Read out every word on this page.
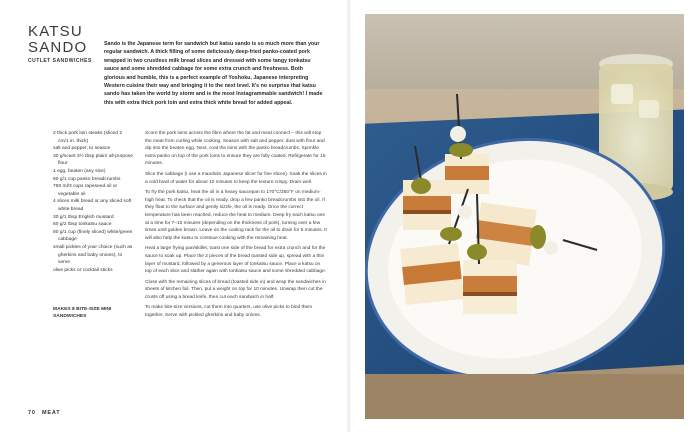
KATSU
SANDO
CUTLET SANDWICHES

Sando is the Japanese term for sandwich but katsu sando is so much more than your regular sandwich. A thick filling of some deliciously deep-fried panko-coated pork wrapped in two crustless milk bread slices and dressed with some tangy tonkatsu sauce and some shredded cabbage for some extra crunch and freshness. Both glorious and humble, this is a perfect example of Yoshoku, Japanese interpreting Western cuisine their way and bringing it to the next level. It's no surprise that katsu sando has taken the world by storm and is the most Instagrammable sandwich! I made this with extra thick pork loin and extra thick white bread for added appeal.

2 thick pork loin steaks (sliced 2 cm/1 in. thick)
salt and pepper, to season
30 g/scant 3½ tbsp plain/ all-purpose flour
1 egg, beaten (any size)
60 g/1 cup panko breadcrumbs
750 ml/3 cups rapeseed oil or vegetable oil
4 slices milk bread or any sliced soft white bread
30 g/1 tbsp English mustard
60 g/2 tbsp tonkatsu sauce
80 g/1 cup (finely sliced) white/green cabbage
small pickles of your choice (such as gherkins and baby onions), to serve
olive picks or cocktail sticks
MAKES 8 BITE-SIZE MINI SANDWICHES

Score the pork loins across the fibre where the fat and meat connect – this will stop the meat from curling while cooking. Season with salt and pepper, dust with flour and dip into the beaten egg. Next, coat the loins with the panko breadcrumbs. Sprinkle extra panko on top of the pork loins to ensure they are fully coated. Refrigerate for 15 minutes.

Slice the cabbage (I use a mandolin Japanese slicer for fine slices). Soak the slices in a cold bowl of water for about 10 minutes to keep the texture crispy. Drain well.

To fry the pork katsu, heat the oil in a heavy saucepan to 170°C/350°F on medium-high heat. To check that the oil is ready, drop a few panko breadcrumbs into the oil. If they float to the surface and gently sizzle, the oil is ready. Once the correct temperature has been reached, reduce the heat to medium. Deep fry each katsu one at a time for 7–10 minutes (depending on the thickness of pork), turning over a few times until golden brown. Leave on the cooling rack for the oil to drain for 5 minutes. It will also help the katsu to continue cooking with the remaining heat.

Heat a large frying pan/skillet, toast one side of the bread for extra crunch and for the sauce to soak up. Place the 2 pieces of the bread toasted side up, spread with a thin layer of mustard, followed by a generous layer of tonkatsu sauce. Place a katsu on top of each slice and slather again with tonkatsu sauce and some shredded cabbage.

Close with the remaining slices of bread (toasted side in) and wrap the sandwiches in sheets of kitchen foil. Then, put a weight on top for 10 minutes. Unwrap then cut the crusts off using a bread knife, then cut each sandwich in half.

To make bite-size versions, cut them into quarters, use olive picks to bind them together. Serve with pickled gherkins and baby onions.

70 MEAT
